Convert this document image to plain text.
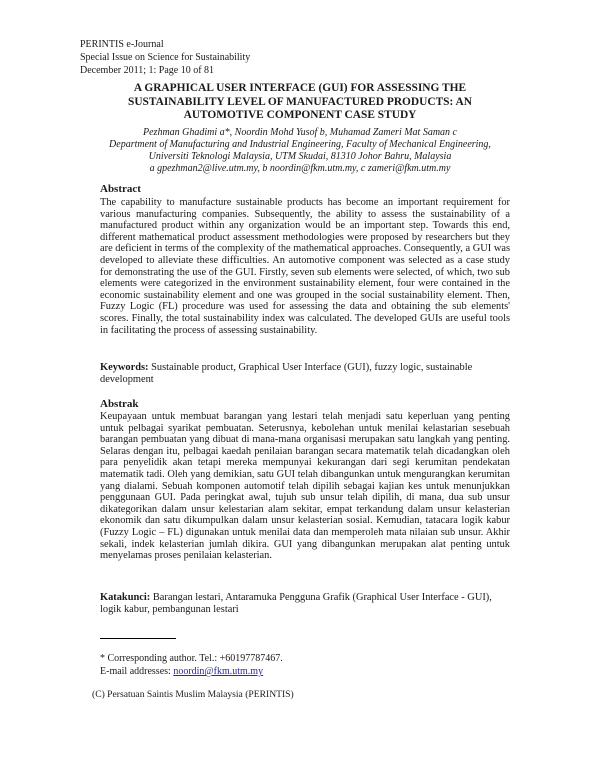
PERINTIS e-Journal
Special Issue on Science for Sustainability
December 2011; 1: Page 10 of 81
A GRAPHICAL USER INTERFACE (GUI) FOR ASSESSING THE
SUSTAINABILITY LEVEL OF MANUFACTURED PRODUCTS: AN
AUTOMOTIVE COMPONENT CASE STUDY
Pezhman Ghadimi a*, Noordin Mohd Yusof b, Muhamad Zameri Mat Saman c
Department of Manufacturing and Industrial Engineering, Faculty of Mechanical Engineering,
Universiti Teknologi Malaysia, UTM Skudai, 81310 Johor Bahru, Malaysia
a gpezhman2@live.utm.my, b noordin@fkm.utm.my, c zameri@fkm.utm.my
Abstract

The capability to manufacture sustainable products has become an important requirement for various manufacturing companies. Subsequently, the ability to assess the sustainability of a manufactured product within any organization would be an important step. Towards this end, different mathematical product assessment methodologies were proposed by researchers but they are deficient in terms of the complexity of the mathematical approaches. Consequently, a GUI was developed to alleviate these difficulties. An automotive component was selected as a case study for demonstrating the use of the GUI. Firstly, seven sub elements were selected, of which, two sub elements were categorized in the environment sustainability element, four were contained in the economic sustainability element and one was grouped in the social sustainability element. Then, Fuzzy Logic (FL) procedure was used for assessing the data and obtaining the sub elements' scores. Finally, the total sustainability index was calculated. The developed GUIs are useful tools in facilitating the process of assessing sustainability.

Keywords: Sustainable product, Graphical User Interface (GUI), fuzzy logic, sustainable development

Abstrak

Keupayaan untuk membuat barangan yang lestari telah menjadi satu keperluan yang penting untuk pelbagai syarikat pembuatan. Seterusnya, kebolehan untuk menilai kelastarian sesebuah barangan pembuatan yang dibuat di mana-mana organisasi merupakan satu langkah yang penting. Selaras dengan itu, pelbagai kaedah penilaian barangan secara matematik telah dicadangkan oleh para penyelidik akan tetapi mereka mempunyai kekurangan dari segi kerumitan pendekatan matematik tadi. Oleh yang demikian, satu GUI telah dibangunkan untuk mengurangkan kerumitan yang dialami. Sebuah komponen automotif telah dipilih sebagai kajian kes untuk menunjukkan penggunaan GUI. Pada peringkat awal, tujuh sub unsur telah dipilih, di mana, dua sub unsur dikategorikan dalam unsur kelestarian alam sekitar, empat terkandung dalam unsur kelasterian ekonomik dan satu dikumpulkan dalam unsur kelasterian sosial. Kemudian, tatacara logik kabur (Fuzzy Logic – FL) digunakan untuk menilai data dan memperoleh mata nilaian sub unsur. Akhir sekali, indek kelasterian jumlah dikira. GUI yang dibangunkan merupakan alat penting untuk menyelamas proses penilaian kelasterian.

Katakunci: Barangan lestari, Antaramuka Pengguna Grafik (Graphical User Interface - GUI), logik kabur, pembangunan lestari

* Corresponding author. Tel.: +60197787467.
E-mail addresses: noordin@fkm.utm.my
(C) Persatuan Saintis Muslim Malaysia (PERINTIS)
